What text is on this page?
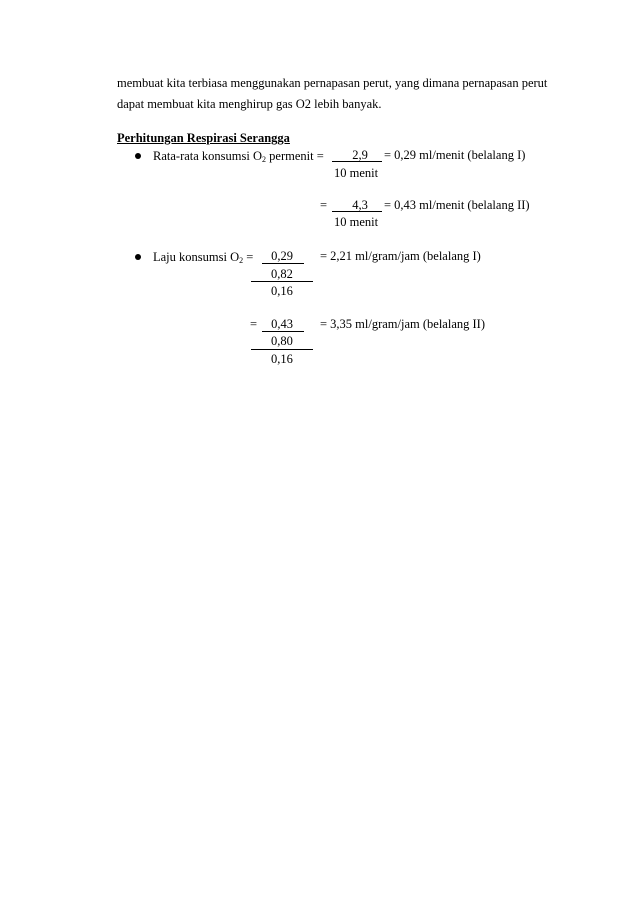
membuat kita terbiasa menggunakan pernapasan perut, yang dimana pernapasan perut
dapat membuat kita menghirup gas O2 lebih banyak.
Perhitungan Respirasi Serangga
Rata-rata konsumsi O2 permenit =	2,9	= 0,29 ml/menit (belalang I)
10 menit
=	4,3	= 0,43 ml/menit (belalang II)
10 menit
Laju konsumsi O2 =	0,29
0,82
0,16
= 2,21 ml/gram/jam (belalang I)
=	0,43
0,80
0,16
= 3,35 ml/gram/jam (belalang II)
